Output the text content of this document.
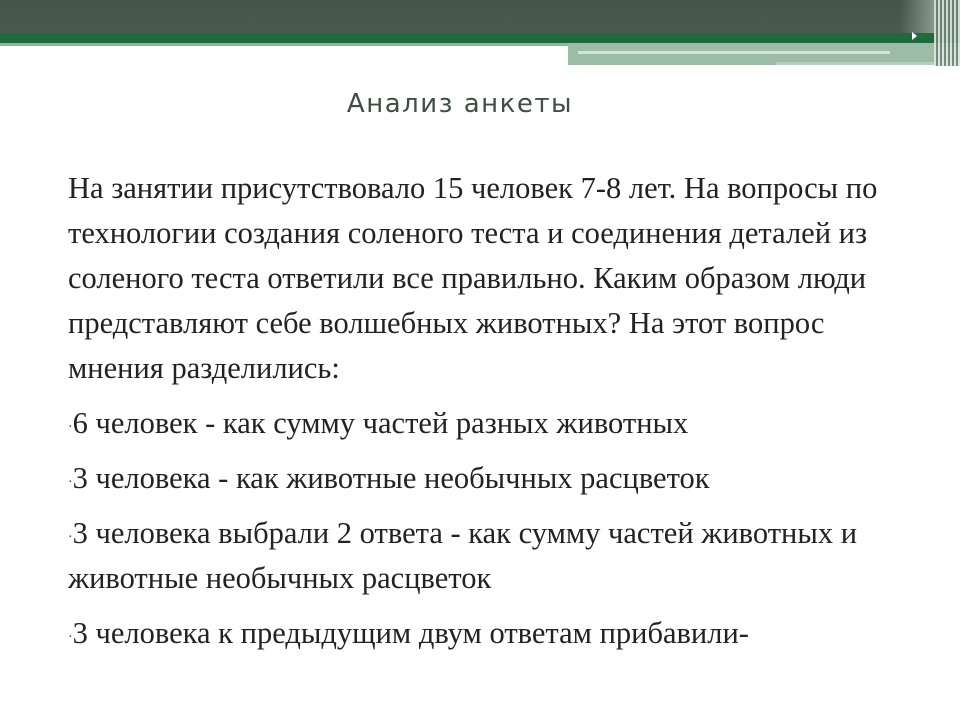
Анализ анкеты

На занятии присутствовало 15 человек 7-8 лет. На вопросы по технологии создания соленого теста и соединения деталей из соленого теста ответили все правильно. Каким образом люди представляют себе волшебных животных? На этот вопрос мнения разделились:

·6 человек - как сумму частей разных животных
·3 человека - как животные необычных расцветок
·3 человека выбрали 2 ответа - как сумму частей животных и животные необычных расцветок
·3 человека к предыдущим двум ответам прибавили-
